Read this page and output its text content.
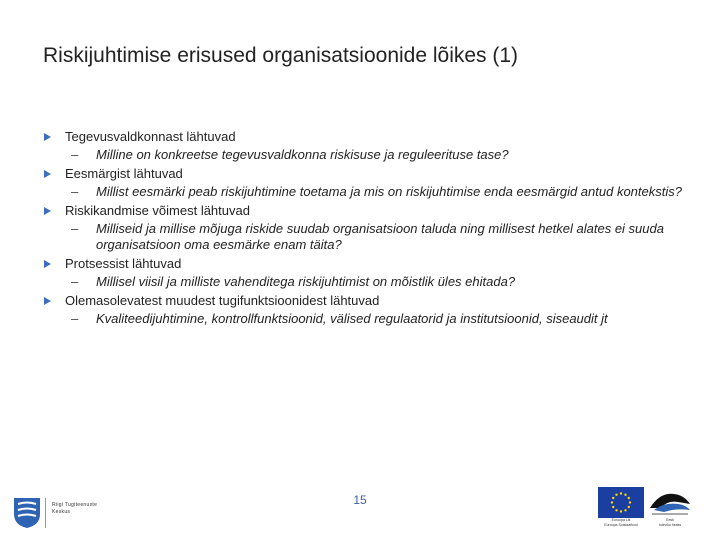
Riskijuhtimise erisused organisatsioonide lõikes (1)
Tegevusvaldkonnast lähtuvad
– Milline on konkreetse tegevusvaldkonna riskisuse ja reguleerituse tase?
Eesmärgist lähtuvad
– Millist eesmärki peab riskijuhtimine toetama ja mis on riskijuhtimise enda eesmärgid antud kontekstis?
Riskikandmise võimest lähtuvad
– Milliseid ja millise mõjuga riskide suudab organisatsioon taluda ning millisest hetkel alates ei suuda organisatsioon oma eesmärke enam täita?
Protsessist lähtuvad
– Millisel viisil ja milliste vahenditega riskijuhtimist on mõistlik üles ehitada?
Olemasolevatest muudest tugifunktsioonidest lähtuvad
– Kvaliteedijuhtimine, kontrollfunktsioonid, välised regulaatorid ja institutsioonid, siseaudit jt
15
Riigi Tugiteenuste
Keskus
Euroopa Liit
Euroopa Sotsiaalfond
Eesti
tuleviku heaks
